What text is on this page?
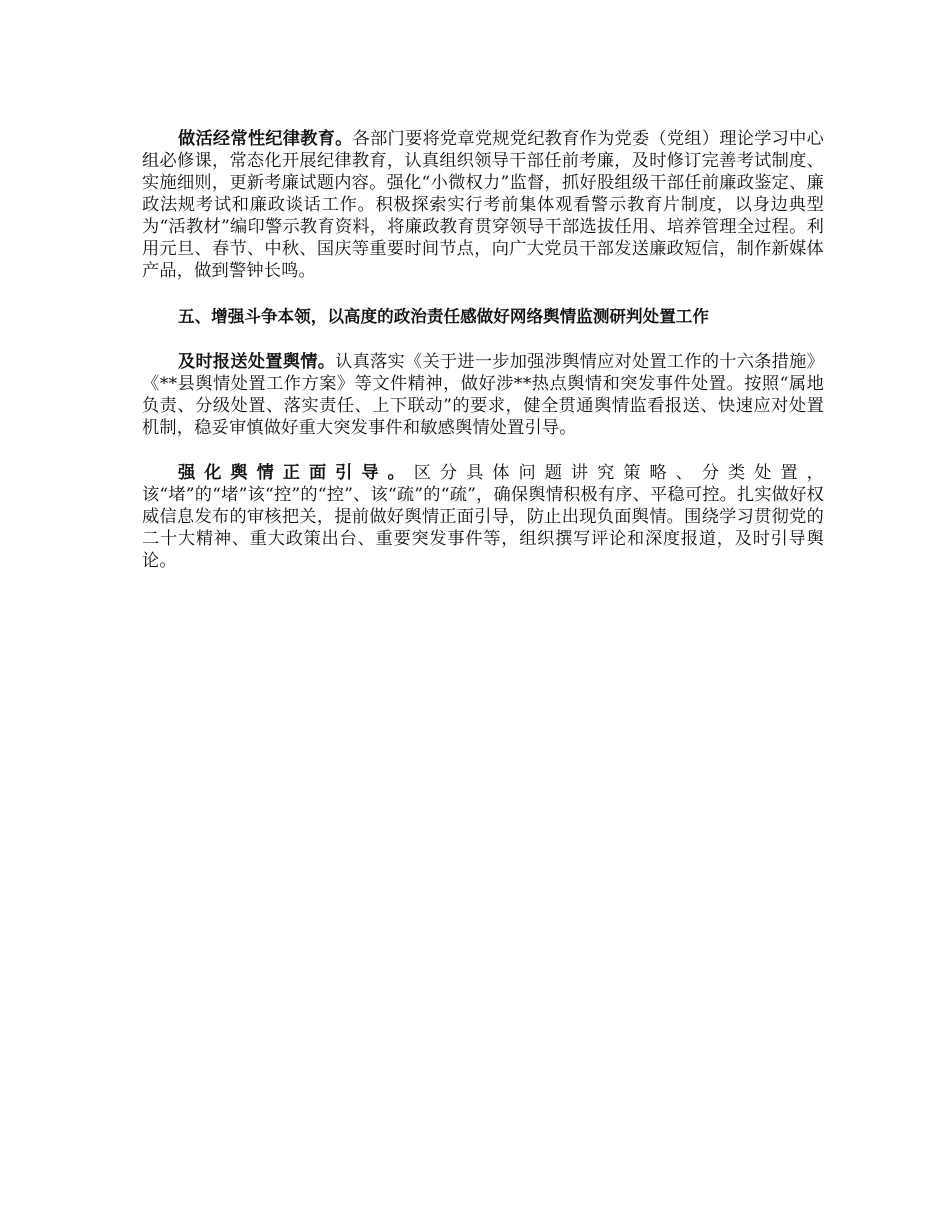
做活经常性纪律教育。各部门要将党章党规党纪教育作为党委（党组）理论学习中心组必修课，常态化开展纪律教育，认真组织领导干部任前考廉，及时修订完善考试制度、实施细则，更新考廉试题内容。强化“小微权力”监督，抓好股组级干部任前廉政鉴定、廉政法规考试和廉政谈话工作。积极探索实行考前集体观看警示教育片制度，以身边典型为“活教材”编印警示教育资料，将廉政教育贯穿领导干部选拔任用、培养管理全过程。利用元旦、春节、中秋、国庆等重要时间节点，向广大党员干部发送廉政短信，制作新媒体产品，做到警钟长鸣。

五、增强斗争本领，以高度的政治责任感做好网络舆情监测研判处置工作

及时报送处置舆情。认真落实《关于进一步加强涉舆情应对处置工作的十六条措施》《**县舆情处置工作方案》等文件精神，做好涉**热点舆情和突发事件处置。按照“属地负责、分级处置、落实责任、上下联动”的要求，健全贯通舆情监看报送、快速应对处置机制，稳妥审慎做好重大突发事件和敏感舆情处置引导。

强化舆情正面引导。区分具体问题讲究策略、分类处置，该“堵”的“堵”该“控”的“控”、该“疏”的“疏”，确保舆情积极有序、平稳可控。扎实做好权威信息发布的审核把关，提前做好舆情正面引导，防止出现负面舆情。围绕学习贯彻党的二十大精神、重大政策出台、重要突发事件等，组织撰写评论和深度报道，及时引导舆论。
